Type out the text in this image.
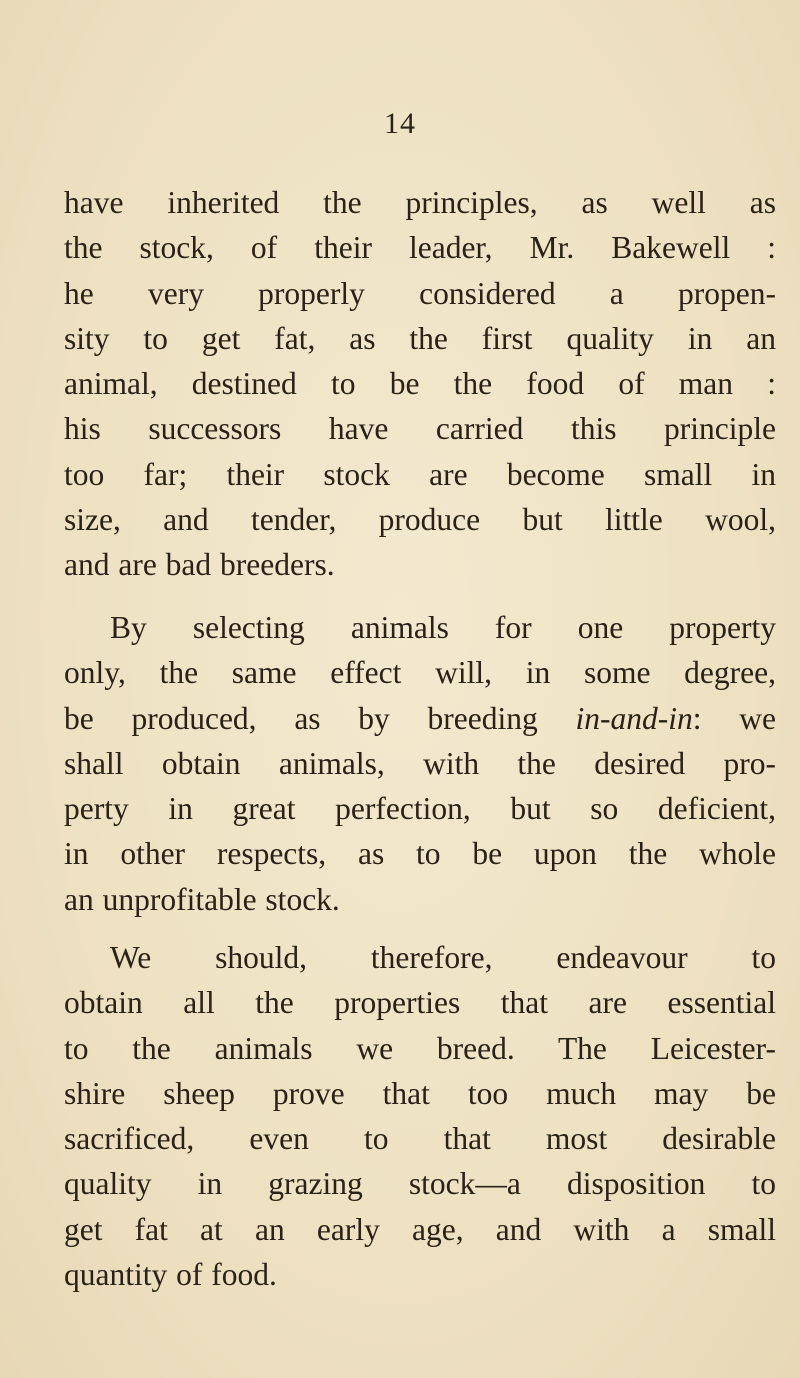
14
have inherited the principles, as well as
the stock, of their leader, Mr. Bakewell :
he very properly considered a propen-
sity to get fat, as the first quality in an
animal, destined to be the food of man :
his successors have carried this principle
too far; their stock are become small in
size, and tender, produce but little wool,
and are bad breeders.
By selecting animals for one property
only, the same effect will, in some degree,
be produced, as by breeding in-and-in: we
shall obtain animals, with the desired pro-
perty in great perfection, but so deficient,
in other respects, as to be upon the whole
an unprofitable stock.
We should, therefore, endeavour to
obtain all the properties that are essential
to the animals we breed. The Leicester-
shire sheep prove that too much may be
sacrificed, even to that most desirable
quality in grazing stock—a disposition to
get fat at an early age, and with a small
quantity of food.
